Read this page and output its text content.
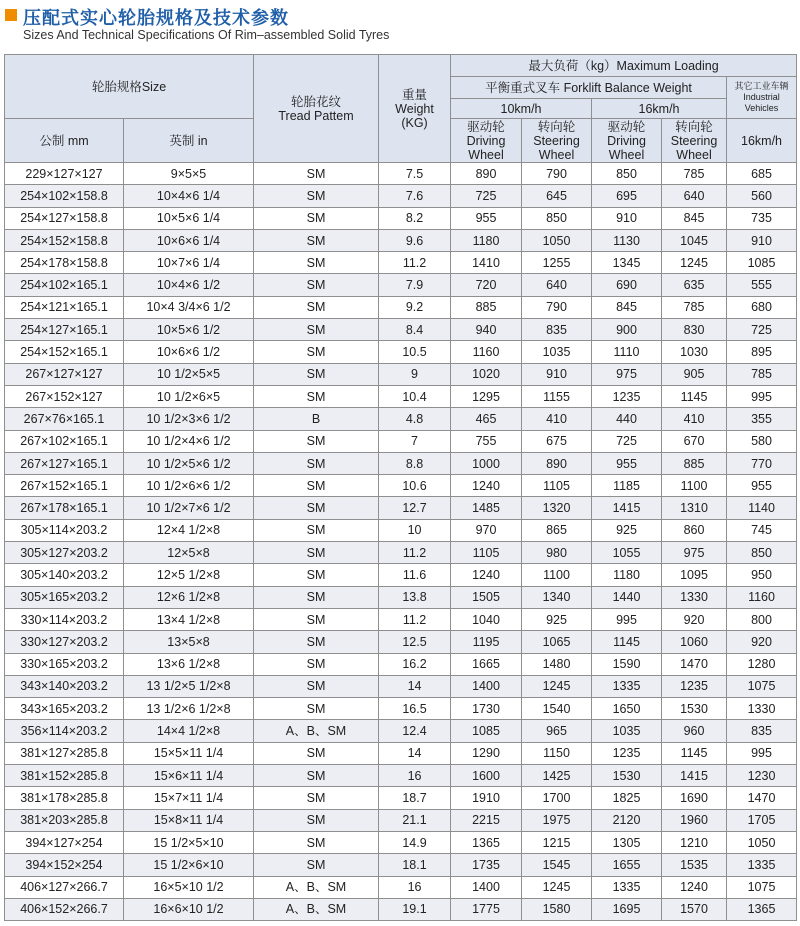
压配式实心轮胎规格及技术参数
Sizes And Technical Specifications Of Rim–assembled Solid Tyres
轮胎规格Size		轮胎花纹
Tread Pattem	重量
Weight
(KG)	最大负荷（kg）Maximum Loading				
				平衡重式叉车 Forklift Balance Weight				其它工业车辆
Industrial Vehicles

				10km/h		16km/h		
公制 mm	英制 in			驱动轮
Driving
Wheel	转向轮
Steering
Wheel	驱动轮
Driving
Wheel	转向轮
Steering
Wheel	16km/h
229×127×127	9×5×5	SM	7.5	890	790	850	785	685
254×102×158.8	10×4×6 1/4	SM	7.6	725	645	695	640	560
254×127×158.8	10×5×6 1/4	SM	8.2	955	850	910	845	735
254×152×158.8	10×6×6 1/4	SM	9.6	1180	1050	1130	1045	910
254×178×158.8	10×7×6 1/4	SM	11.2	1410	1255	1345	1245	1085
254×102×165.1	10×4×6 1/2	SM	7.9	720	640	690	635	555
254×121×165.1	10×4 3/4×6 1/2	SM	9.2	885	790	845	785	680
254×127×165.1	10×5×6 1/2	SM	8.4	940	835	900	830	725
254×152×165.1	10×6×6 1/2	SM	10.5	1160	1035	1110	1030	895
267×127×127	10 1/2×5×5	SM	9	1020	910	975	905	785
267×152×127	10 1/2×6×5	SM	10.4	1295	1155	1235	1145	995
267×76×165.1	10 1/2×3×6 1/2	B	4.8	465	410	440	410	355
267×102×165.1	10 1/2×4×6 1/2	SM	7	755	675	725	670	580
267×127×165.1	10 1/2×5×6 1/2	SM	8.8	1000	890	955	885	770
267×152×165.1	10 1/2×6×6 1/2	SM	10.6	1240	1105	1185	1100	955
267×178×165.1	10 1/2×7×6 1/2	SM	12.7	1485	1320	1415	1310	1140
305×114×203.2	12×4 1/2×8	SM	10	970	865	925	860	745
305×127×203.2	12×5×8	SM	11.2	1105	980	1055	975	850
305×140×203.2	12×5 1/2×8	SM	11.6	1240	1100	1180	1095	950
305×165×203.2	12×6 1/2×8	SM	13.8	1505	1340	1440	1330	1160
330×114×203.2	13×4 1/2×8	SM	11.2	1040	925	995	920	800
330×127×203.2	13×5×8	SM	12.5	1195	1065	1145	1060	920
330×165×203.2	13×6 1/2×8	SM	16.2	1665	1480	1590	1470	1280
343×140×203.2	13 1/2×5 1/2×8	SM	14	1400	1245	1335	1235	1075
343×165×203.2	13 1/2×6 1/2×8	SM	16.5	1730	1540	1650	1530	1330
356×114×203.2	14×4 1/2×8	A、B、SM	12.4	1085	965	1035	960	835
381×127×285.8	15×5×11 1/4	SM	14	1290	1150	1235	1145	995
381×152×285.8	15×6×11 1/4	SM	16	1600	1425	1530	1415	1230
381×178×285.8	15×7×11 1/4	SM	18.7	1910	1700	1825	1690	1470
381×203×285.8	15×8×11 1/4	SM	21.1	2215	1975	2120	1960	1705
394×127×254	15 1/2×5×10	SM	14.9	1365	1215	1305	1210	1050
394×152×254	15 1/2×6×10	SM	18.1	1735	1545	1655	1535	1335
406×127×266.7	16×5×10 1/2	A、B、SM	16	1400	1245	1335	1240	1075
406×152×266.7	16×6×10 1/2	A、B、SM	19.1	1775	1580	1695	1570	1365
